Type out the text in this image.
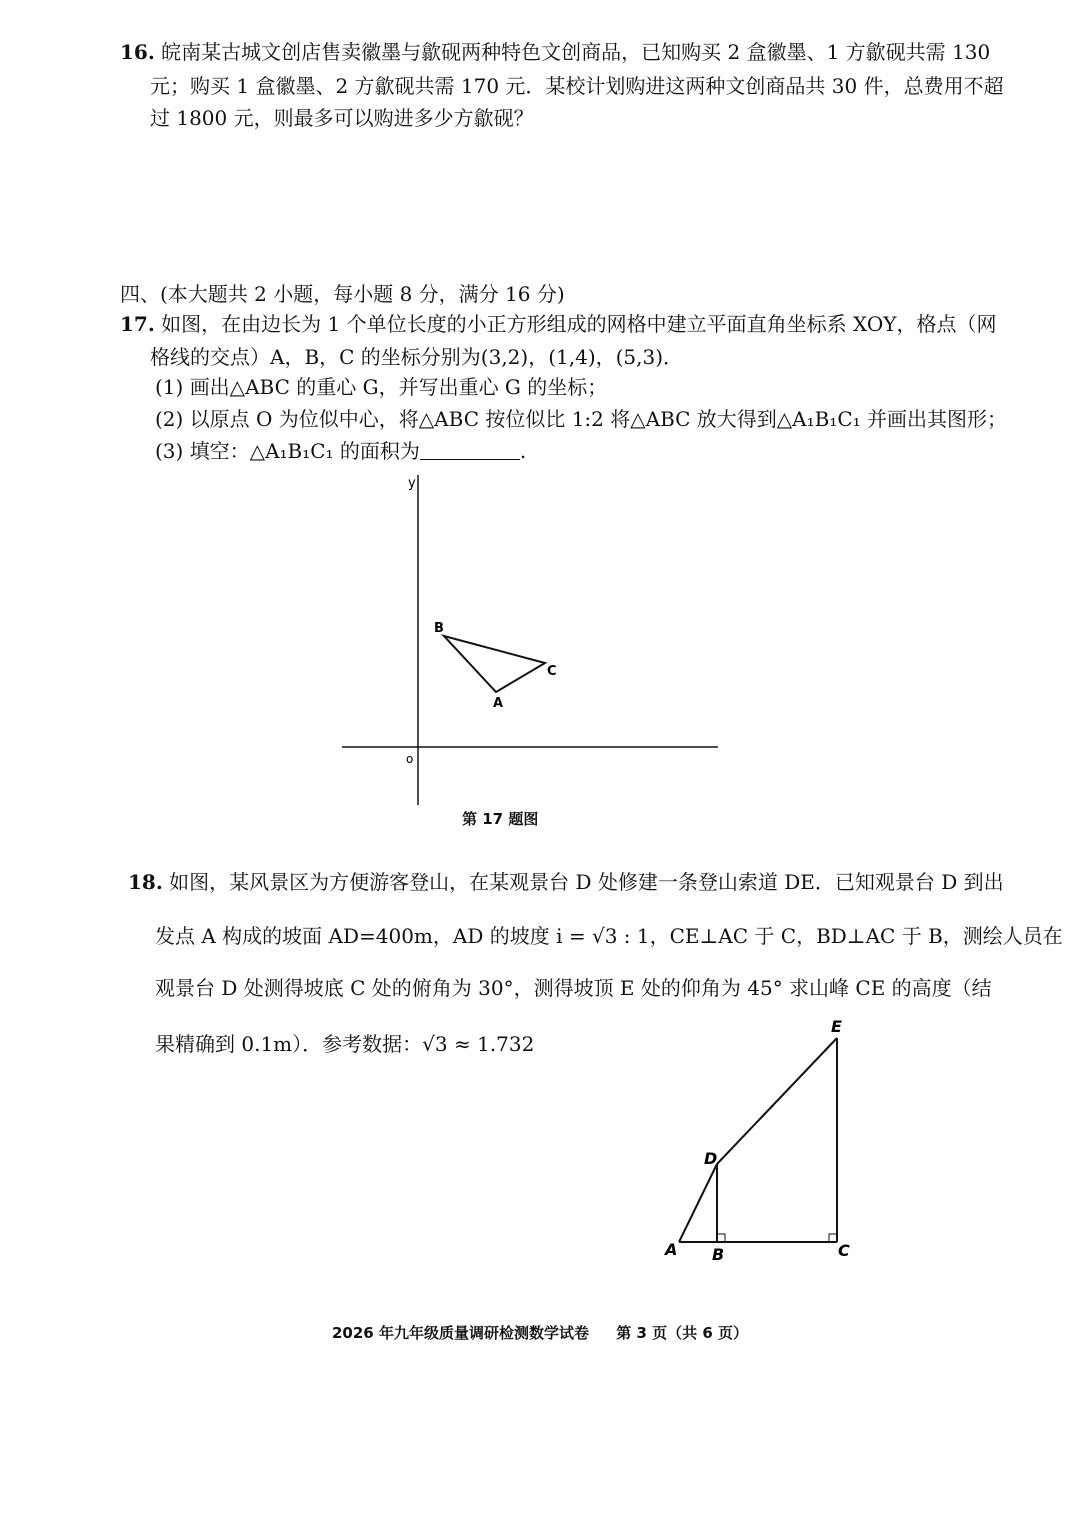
16. 皖南某古城文创店售卖徽墨与歙砚两种特色文创商品，已知购买 2 盒徽墨、1 方歙砚共需 130
元；购买 1 盒徽墨、2 方歙砚共需 170 元．某校计划购进这两种文创商品共 30 件，总费用不超
过 1800 元，则最多可以购进多少方歙砚？
四、(本大题共 2 小题，每小题 8 分，满分 16 分)
17. 如图，在由边长为 1 个单位长度的小正方形组成的网格中建立平面直角坐标系 XOY，格点（网
格线的交点）A，B，C 的坐标分别为(3,2)，(1,4)，(5,3)．
(1) 画出△ABC 的重心 G，并写出重心 G 的坐标；
(2) 以原点 O 为位似中心，将△ABC 按位似比 1:2 将△ABC 放大得到△A₁B₁C₁ 并画出其图形；
(3) 填空：△A₁B₁C₁ 的面积为	.
y
o
B
C
A
第 17 题图
18. 如图，某风景区为方便游客登山，在某观景台 D 处修建一条登山索道 DE．已知观景台 D 到出
发点 A 构成的坡面 AD=400m，AD 的坡度 i = √3 : 1，CE⊥AC 于 C，BD⊥AC 于 B，测绘人员在
观景台 D 处测得坡底 C 处的俯角为 30°，测得坡顶 E 处的仰角为 45° 求山峰 CE 的高度（结
果精确到 0.1m）．参考数据：√3 ≈ 1.732
E
D
A B	C
2026 年九年级质量调研检测数学试卷 第 3 页（共 6 页）
